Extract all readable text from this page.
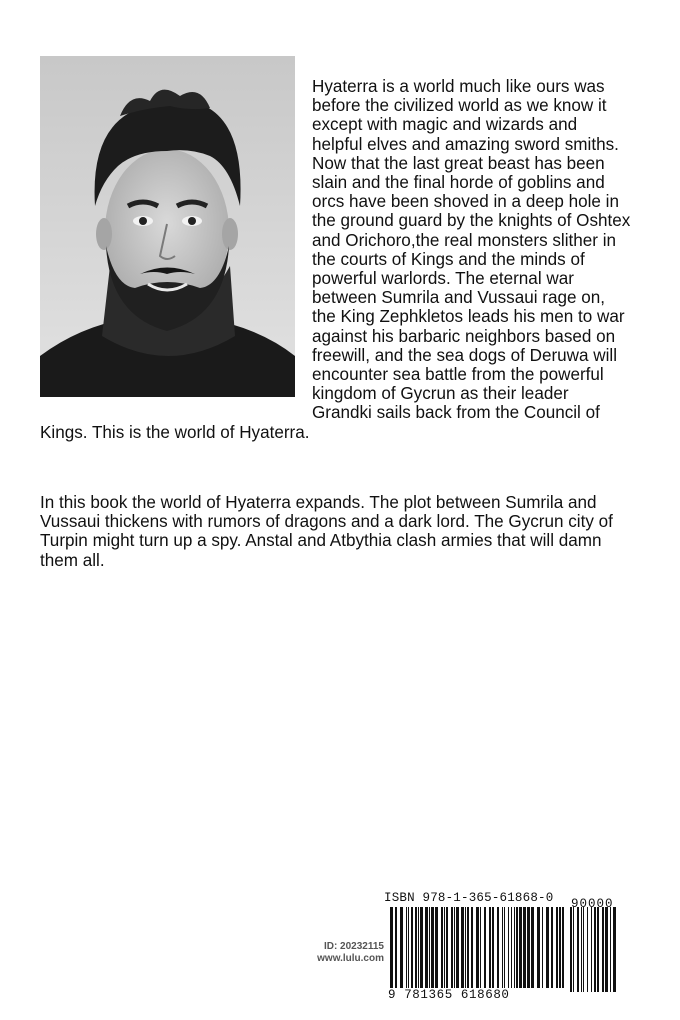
Hyaterra is a world much like ours was before the civilized world as we know it except with magic and wizards and helpful elves and amazing sword smiths. Now that the last great beast has been slain and the final horde of goblins and orcs have been shoved in a deep hole in the ground guard by the knights of Oshtex and Orichoro,the real monsters slither in the courts of Kings and the minds of powerful warlords. The eternal war between Sumrila and Vussaui rage on, the King Zephkletos leads his men to war against his barbaric neighbors based on freewill, and the sea dogs of Deruwa will encounter sea battle from the powerful kingdom of Gycrun as their leader Grandki sails back from the Council of Kings. This is the world of Hyaterra.

In this book the world of Hyaterra expands. The plot between Sumrila and Vussaui thickens with rumors of dragons and a dark lord. The Gycrun city of Turpin might turn up a spy. Anstal and Atbythia clash armies that will damn them all.

ID: 20232115
www.lulu.com
ISBN 978-1-365-61868-0
9 781365 618680
90000
